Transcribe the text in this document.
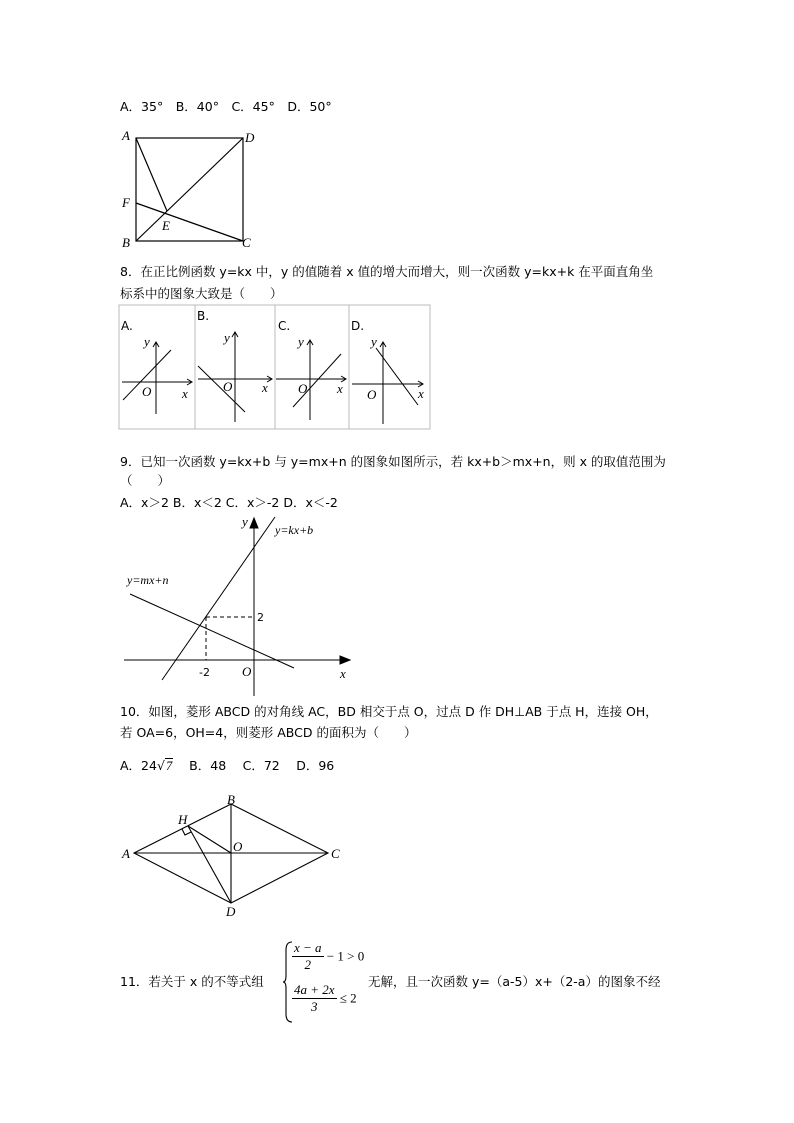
A．35°　B．40°　C．45°　D．50°
A	D
F
E
B	C
8．在正比例函数 y=kx 中，y 的值随着 x 值的增大而增大，则一次函数 y=kx+k 在平面直角坐
标系中的图象大致是（　　）
A.
y
x
O
B.
y
x
O
C.
y
x
O
D.
y
x
O
9．已知一次函数 y=kx+b 与 y=mx+n 的图象如图所示，若 kx+b＞mx+n，则 x 的取值范围为
（　　）
A．x＞2 B．x＜2 C．x＞-2 D．x＜-2
y
x
O
y=kx+b
y=mx+n
2
-2
10．如图，菱形 ABCD 的对角线 AC，BD 相交于点 O，过点 D 作 DH⊥AB 于点 H，连接 OH，
若 OA=6，OH=4，则菱形 ABCD 的面积为（　　）
A．24√7 B．48　 C．72　 D．96
B
H
A	O	C
D
11．若关于 x 的不等式组
$\frac{x - a}{2} - 1 > 0$
$\frac{4a + 2x}{3} \le 2$
无解，且一次函数 y=（a-5）x+（2-a）的图象不经
